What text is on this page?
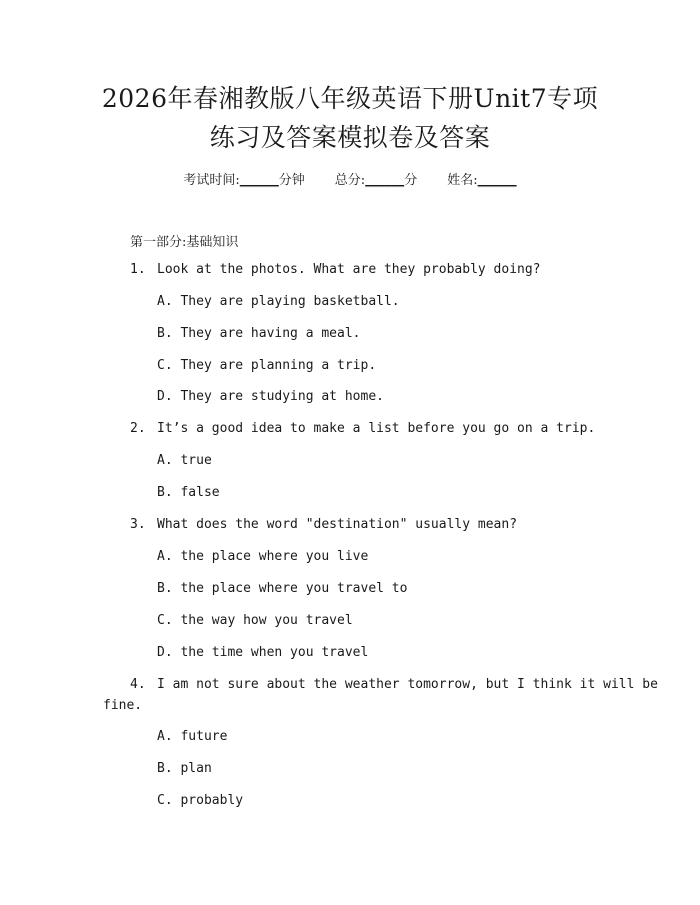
2026年春湘教版八年级英语下册Unit7专项
练习及答案模拟卷及答案
考试时间:______分钟 总分:______分 姓名:______
第一部分:基础知识
1. Look at the photos. What are they probably doing?
A. They are playing basketball.
B. They are having a meal.
C. They are planning a trip.
D. They are studying at home.
2. It’s a good idea to make a list before you go on a trip.
A. true
B. false
3. What does the word "destination" usually mean?
A. the place where you live
B. the place where you travel to
C. the way how you travel
D. the time when you travel
4. I am not sure about the weather tomorrow, but I think it will be
fine.
A. future
B. plan
C. probably
